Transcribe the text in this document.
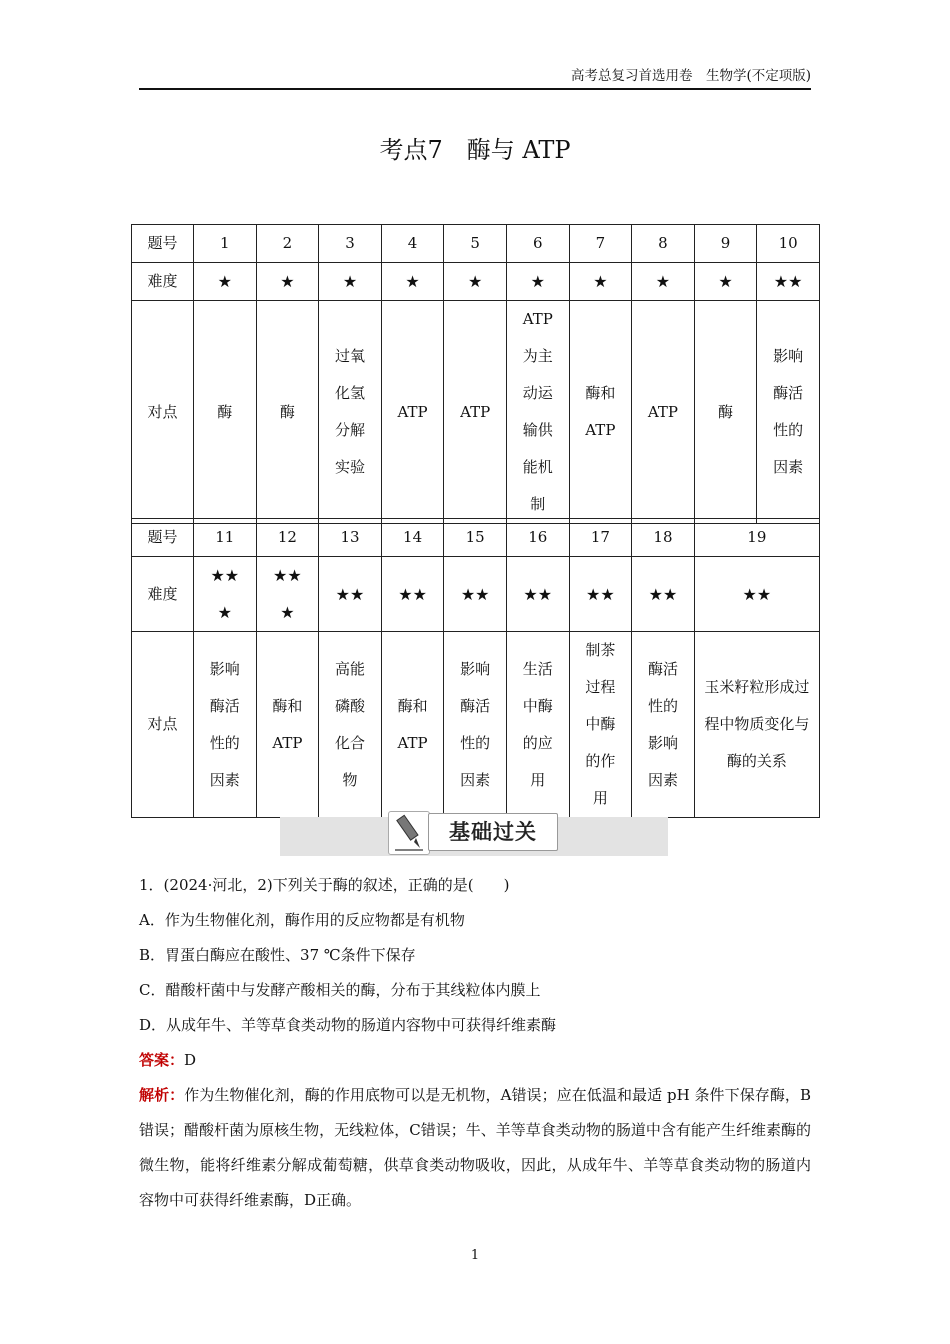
高考总复习首选用卷　生物学(不定项版)
考点7　酶与 ATP
题号	1	2	3	4	5	6	7	8	9	10
难度	★	★	★	★	★	★	★	★	★	★★
对点	酶	酶	过氧化氢分解实验	ATP	ATP	ATP为主动运输供能机制	酶和ATP	ATP	酶	影响酶活性的因素
题号	11	12	13	14	15	16	17	18	19
难度	★★★	★★★	★★	★★	★★	★★	★★	★★	★★
对点	影响酶活性的因素	酶和ATP	高能磷酸化合物	酶和ATP	影响酶活性的因素	生活中酶的应用	制茶过程中酶的作用	酶活性的影响因素	玉米籽粒形成过程中物质变化与酶的关系
基础过关

1．(2024·河北，2)下列关于酶的叙述，正确的是(　　)

A．作为生物催化剂，酶作用的反应物都是有机物

B．胃蛋白酶应在酸性、37 ℃条件下保存

C．醋酸杆菌中与发酵产酸相关的酶，分布于其线粒体内膜上

D．从成年牛、羊等草食类动物的肠道内容物中可获得纤维素酶

答案：D

解析：作为生物催化剂，酶的作用底物可以是无机物，A错误；应在低温和最适 pH 条件下保存酶，B错误；醋酸杆菌为原核生物，无线粒体，C错误；牛、羊等草食类动物的肠道中含有能产生纤维素酶的微生物，能将纤维素分解成葡萄糖，供草食类动物吸收，因此，从成年牛、羊等草食类动物的肠道内容物中可获得纤维素酶，D正确。

1
